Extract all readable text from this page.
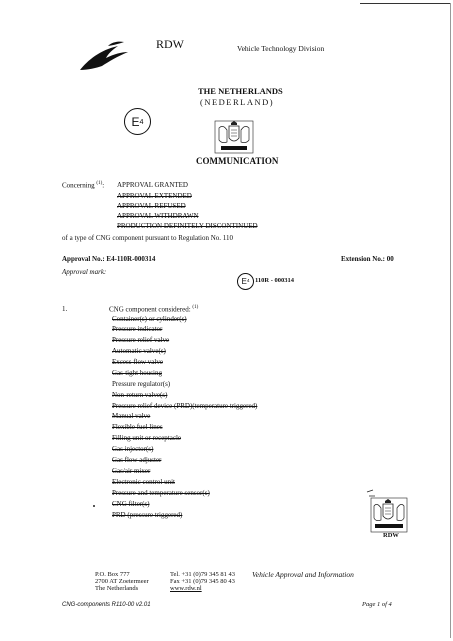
RDW	Vehicle Technology Division
THE NETHERLANDS
(NEDERLAND)
E 4
COMMUNICATION
Concerning $^{(1)}$: APPROVAL GRANTED
APPROVAL EXTENDED
APPROVAL REFUSED
APPROVAL WITHDRAWN
PRODUCTION DEFINITELY DISCONTINUED
of a type of CNG component pursuant to Regulation No. 110
Approval No.: E4-110R-000314	Extension No.: 00
Approval mark:
E 4 110R - 000314
1.	CNG component considered: $^{(1)}$
Container(s) or cylinder(s)
Pressure indicator
Pressure relief valve
Automatic valve(s)
Excess flow valve
Gas-tight housing
Pressure regulator(s)
Non-return valve(s)
Pressure relief device (PRD)(temperature triggered)
Manual valve
Flexible fuel lines
Filling unit or receptacle
Gas injector(s)
Gas flow adjuster
Gas/air mixer
Electronic control unit
Pressure and temperature sensor(s)
CNG filter(s)
PRD (pressure triggered)
RDW
P.O. Box 777
2700 AT Zoetermeer
The Netherlands
Tel. +31 (0)79 345 81 43
Fax +31 (0)79 345 80 43
www.rdw.nl
Vehicle Approval and Information
CNG-components R110-00 v2.01	Page 1 of 4
